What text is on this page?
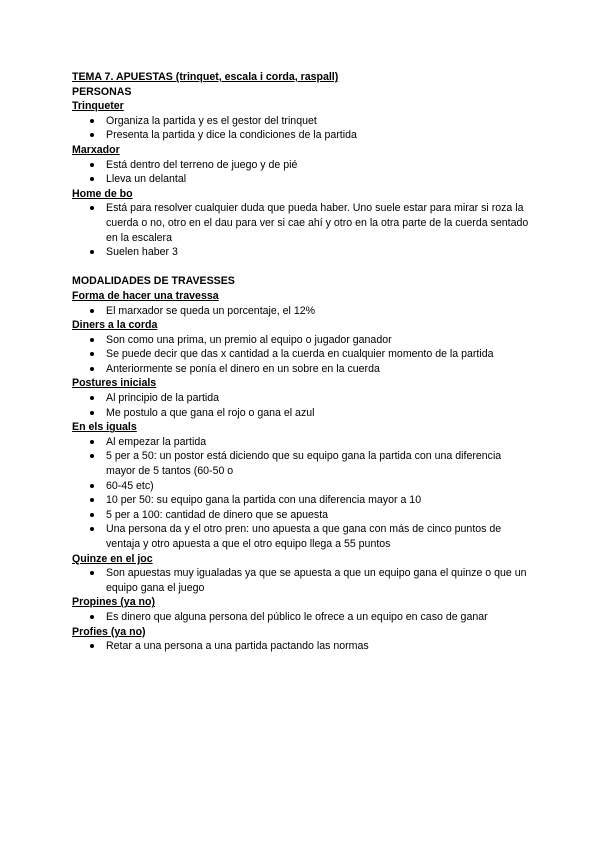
TEMA 7. APUESTAS (trinquet, escala i corda, raspall)
PERSONAS
Trinqueter
Organiza la partida y es el gestor del trinquet
Presenta la partida y dice la condiciones de la partida
Marxador
Está dentro del terreno de juego y de pié
Lleva un delantal
Home de bo
Está para resolver cualquier duda que pueda haber. Uno suele estar para mirar si roza la cuerda o no, otro en el dau para ver si cae ahí y otro en la otra parte de la cuerda sentado en la escalera
Suelen haber 3
MODALIDADES DE TRAVESSES
Forma de hacer una travessa
El marxador se queda un porcentaje, el 12%
Diners a la corda
Son como una prima, un premio al equipo o jugador ganador
Se puede decir que das x cantidad a la cuerda en cualquier momento de la partida
Anteriormente se ponía el dinero en un sobre en la cuerda
Postures inicials
Al principio de la partida
Me postulo a que gana el rojo o gana el azul
En els iguals
Al empezar la partida
5 per a 50: un postor está diciendo que su equipo gana la partida con una diferencia mayor de 5 tantos (60-50 o
60-45 etc)
10 per 50: su equipo gana la partida con una diferencia mayor a 10
5 per a 100: cantidad de dinero que se apuesta
Una persona da y el otro pren: uno apuesta a que gana con más de cinco puntos de ventaja y otro apuesta a que el otro equipo llega a 55 puntos
Quinze en el joc
Son apuestas muy igualadas ya que se apuesta a que un equipo gana el quinze o que un equipo gana el juego
Propines (ya no)
Es dinero que alguna persona del público le ofrece a un equipo en caso de ganar
Profies (ya no)
Retar a una persona a una partida pactando las normas
